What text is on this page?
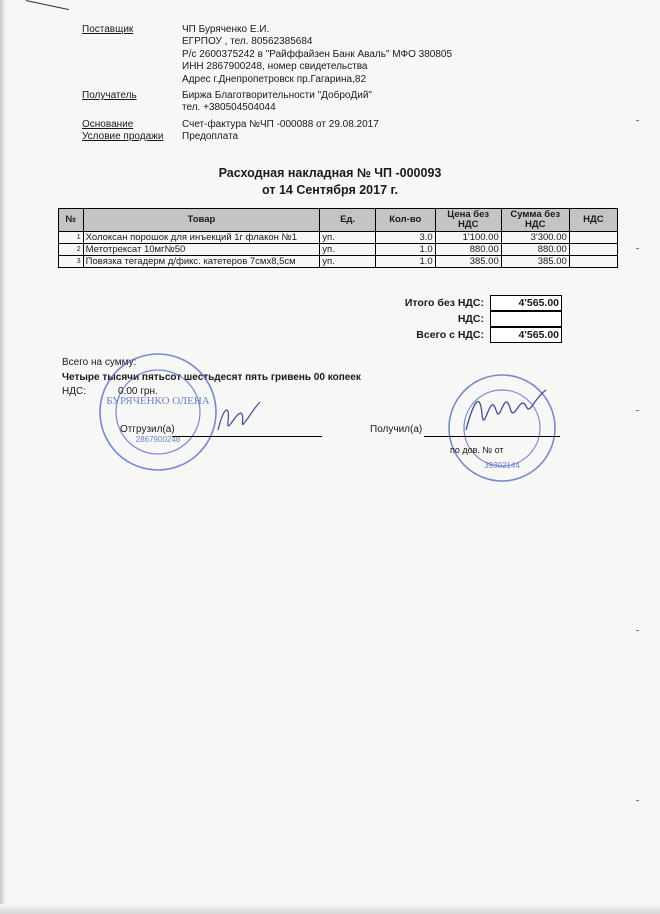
Поставщик	ЧП Буряченко Е.И.
ЕГРПОУ , тел. 80562385684
Р/с 2600375242 в "Райффайзен Банк Аваль" МФО 380805
ИНН 2867900248, номер свидетельства
Адрес г.Днепропетровск пр.Гагарина,82
Получатель	Биржа Благотворительности "ДоброДий"
тел. +380504504044
Основание	Счет-фактура №ЧП -000088 от 29.08.2017
Условие продажи	Предоплата
Расходная накладная № ЧП -000093
от 14 Сентября 2017 г.
№	Товар	Ед.	Кол-во	Цена без НДС	Сумма без НДС	НДС
1	Холоксан порошок для инъекций 1г флакон №1	уп.	3.0	1'100.00	3'300.00	
2	Метотрексат 10мг№50	уп.	1.0	880.00	880.00	
3	Повязка тегадерм д/фикс. катетеров 7смх8,5см	уп.	1.0	385.00	385.00	
Итого без НДС:	4'565.00
НДС:
Всего с НДС:	4'565.00
Всего на сумму:
Четыре тысячи пятьсот шестьдесят пять гривень 00 копеек
НДС:	0.00 грн.
БУРЯЧЕНКО ОЛЕНА
2867900248
39302144
Отгрузил(а)	Получил(а)
по дов. № от
